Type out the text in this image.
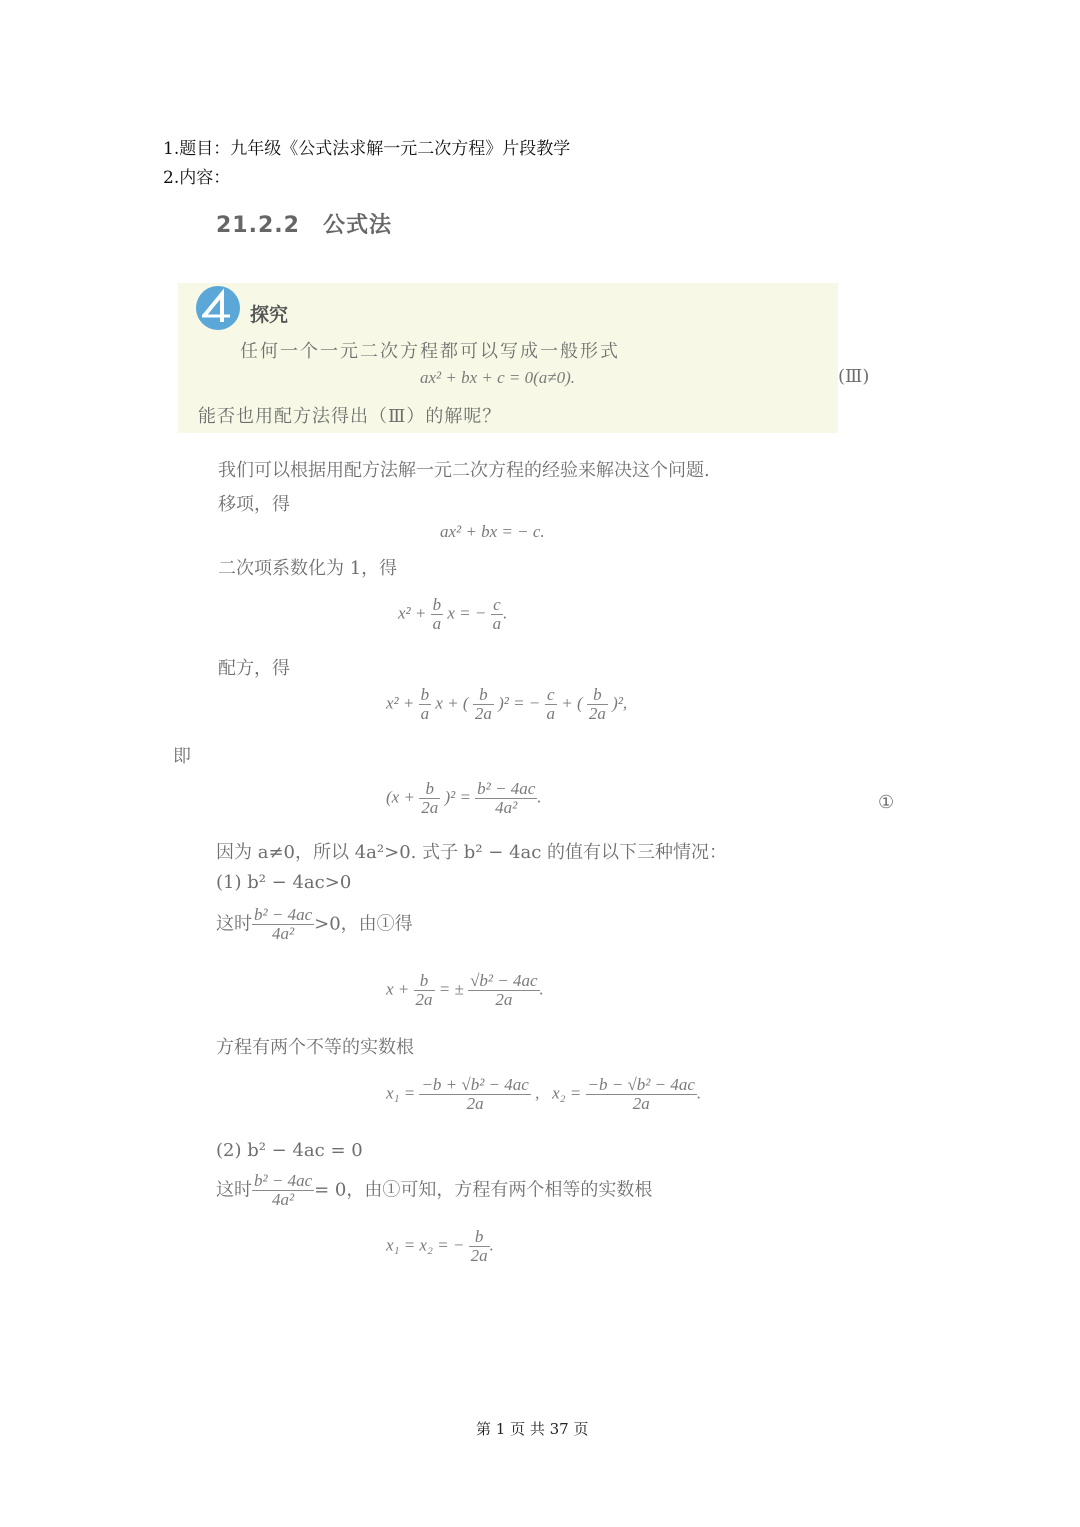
1.题目：九年级《公式法求解一元二次方程》片段教学
2.内容：
21.2.2　公式法
探究
任何一个一元二次方程都可以写成一般形式
ax² + bx + c = 0(a≠0).	(Ⅲ)
能否也用配方法得出（Ⅲ）的解呢？
我们可以根据用配方法解一元二次方程的经验来解决这个问题.
移项，得
ax² + bx = − c.
二次项系数化为 1，得
$x^2 + \frac{b}{a}$ x = − $\frac{c}{a}$ .
配方，得
$x^2 + \frac{b}{a}$ x + ( $\frac{b}{2a} )^2$ = − $\frac{c}{a}$ + ( $\frac{b}{2a} )^2$,
即
$(x + \frac{b}{2a} )^2 = \frac{\text{b² − 4ac}}{\text{4a²}}$ .	①
因为 a≠0，所以 4a²>0. 式子 b² − 4ac 的值有以下三种情况：
(1) b² − 4ac>0
这时 $\frac{\text{b² − 4ac}}{\text{4a²}} >0$，由①得
$x + \frac{b}{2a}$ = ± $\frac{\text{√b² − 4ac}}{2a}$ .
方程有两个不等的实数根
$x_1 = \frac{\text{−b + √b² − 4ac}}{2a}$ ,   $x_2 = \frac{\text{−b − √b² − 4ac}}{2a}$ .
(2) b² − 4ac = 0
这时 $\frac{\text{b² − 4ac}}{\text{4a²}} = 0$，由①可知，方程有两个相等的实数根
x₁ = x₂ = − $\frac{b}{2a}$ .
第 1 页 共 37 页
